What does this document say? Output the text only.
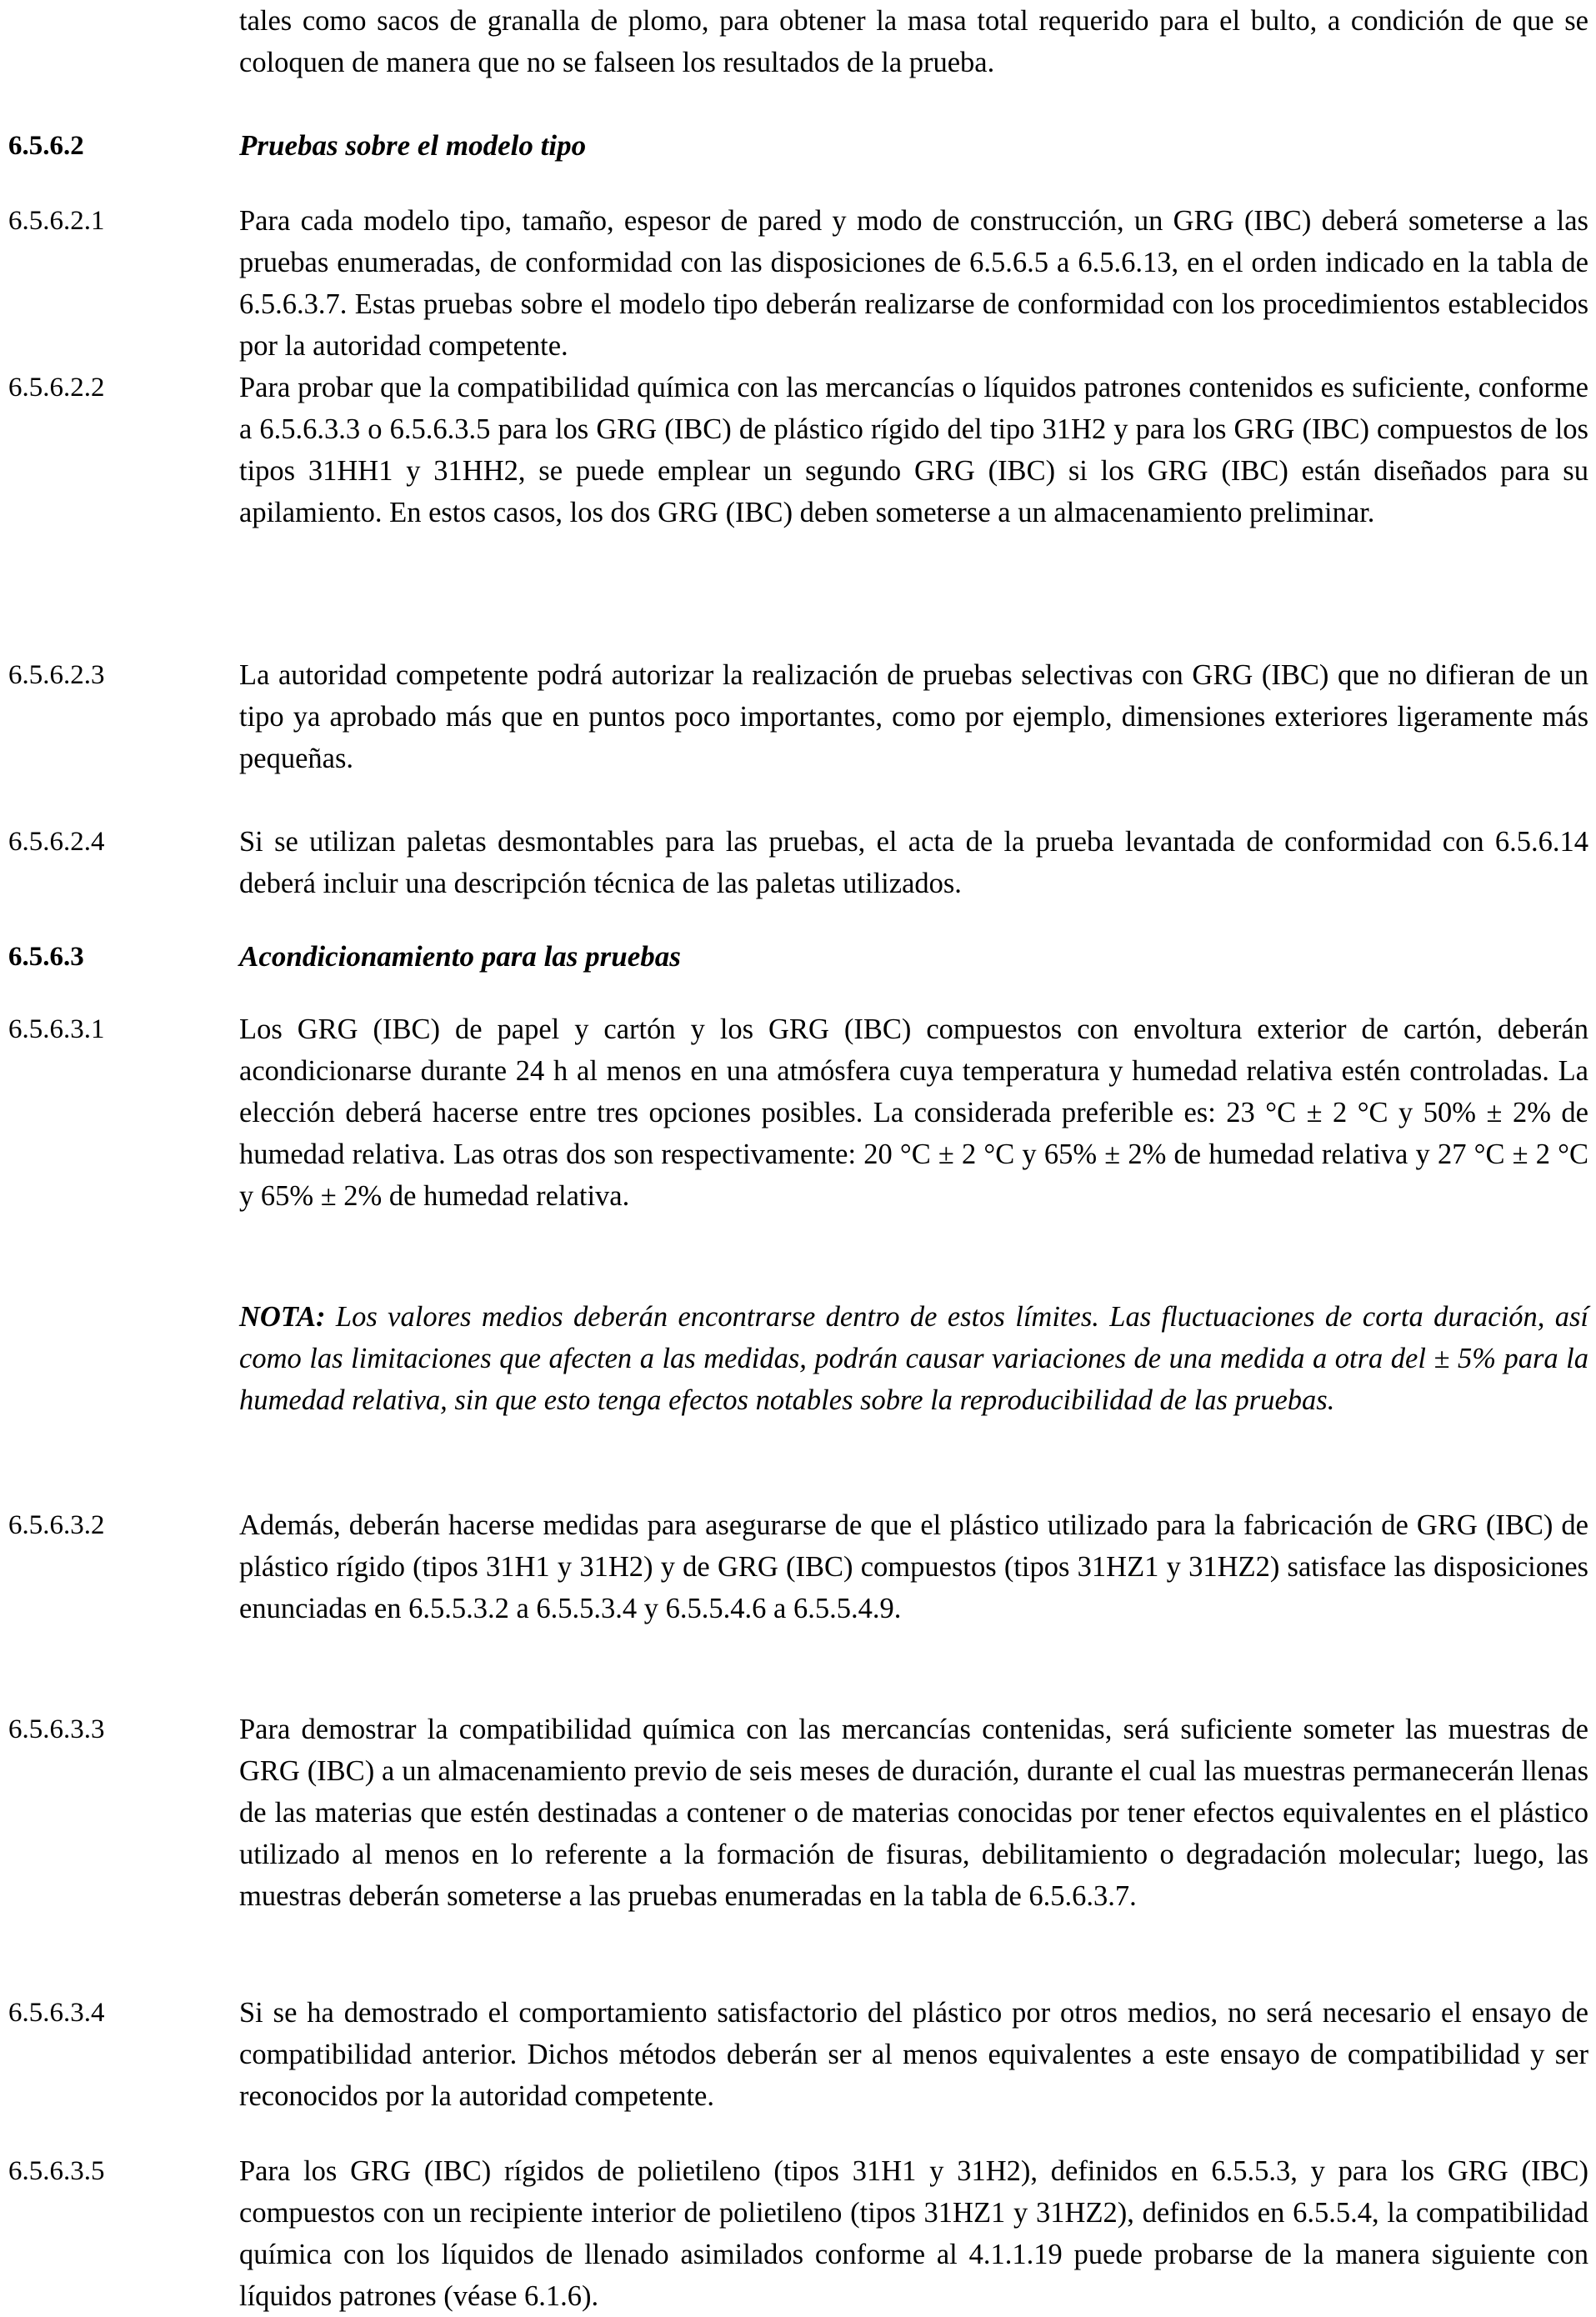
tales como sacos de granalla de plomo, para obtener la masa total requerido para el bulto, a condición de que se coloquen de manera que no se falseen los resultados de la prueba.

6.5.6.2	Pruebas sobre el modelo tipo
6.5.6.2.1	Para cada modelo tipo, tamaño, espesor de pared y modo de construcción, un GRG (IBC) deberá someterse a las pruebas enumeradas, de conformidad con las disposiciones de 6.5.6.5 a 6.5.6.13, en el orden indicado en la tabla de 6.5.6.3.7. Estas pruebas sobre el modelo tipo deberán realizarse de conformidad con los procedimientos establecidos por la autoridad competente.

6.5.6.2.2	Para probar que la compatibilidad química con las mercancías o líquidos patrones contenidos es suficiente, conforme a 6.5.6.3.3 o 6.5.6.3.5 para los GRG (IBC) de plástico rígido del tipo 31H2 y para los GRG (IBC) compuestos de los tipos 31HH1 y 31HH2, se puede emplear un segundo GRG (IBC) si los GRG (IBC) están diseñados para su apilamiento. En estos casos, los dos GRG (IBC) deben someterse a un almacenamiento preliminar.

6.5.6.2.3	La autoridad competente podrá autorizar la realización de pruebas selectivas con GRG (IBC) que no difieran de un tipo ya aprobado más que en puntos poco importantes, como por ejemplo, dimensiones exteriores ligeramente más pequeñas.

6.5.6.2.4	Si se utilizan paletas desmontables para las pruebas, el acta de la prueba levantada de conformidad con 6.5.6.14 deberá incluir una descripción técnica de las paletas utilizados.

6.5.6.3	Acondicionamiento para las pruebas
6.5.6.3.1	Los GRG (IBC) de papel y cartón y los GRG (IBC) compuestos con envoltura exterior de cartón, deberán acondicionarse durante 24 h al menos en una atmósfera cuya temperatura y humedad relativa estén controladas. La elección deberá hacerse entre tres opciones posibles. La considerada preferible es: 23 °C ± 2 °C y 50% ± 2% de humedad relativa. Las otras dos son respectivamente: 20 °C ± 2 °C y 65% ± 2% de humedad relativa y 27 °C ± 2 °C y 65% ± 2% de humedad relativa.

NOTA: Los valores medios deberán encontrarse dentro de estos límites. Las fluctuaciones de corta duración, así como las limitaciones que afecten a las medidas, podrán causar variaciones de una medida a otra del ± 5% para la humedad relativa, sin que esto tenga efectos notables sobre la reproducibilidad de las pruebas.

6.5.6.3.2	Además, deberán hacerse medidas para asegurarse de que el plástico utilizado para la fabricación de GRG (IBC) de plástico rígido (tipos 31H1 y 31H2) y de GRG (IBC) compuestos (tipos 31HZ1 y 31HZ2) satisface las disposiciones enunciadas en 6.5.5.3.2 a 6.5.5.3.4 y 6.5.5.4.6 a 6.5.5.4.9.

6.5.6.3.3	Para demostrar la compatibilidad química con las mercancías contenidas, será suficiente someter las muestras de GRG (IBC) a un almacenamiento previo de seis meses de duración, durante el cual las muestras permanecerán llenas de las materias que estén destinadas a contener o de materias conocidas por tener efectos equivalentes en el plástico utilizado al menos en lo referente a la formación de fisuras, debilitamiento o degradación molecular; luego, las muestras deberán someterse a las pruebas enumeradas en la tabla de 6.5.6.3.7.

6.5.6.3.4	Si se ha demostrado el comportamiento satisfactorio del plástico por otros medios, no será necesario el ensayo de compatibilidad anterior. Dichos métodos deberán ser al menos equivalentes a este ensayo de compatibilidad y ser reconocidos por la autoridad competente.

6.5.6.3.5	Para los GRG (IBC) rígidos de polietileno (tipos 31H1 y 31H2), definidos en 6.5.5.3, y para los GRG (IBC) compuestos con un recipiente interior de polietileno (tipos 31HZ1 y 31HZ2), definidos en 6.5.5.4, la compatibilidad química con los líquidos de llenado asimilados conforme al 4.1.1.19 puede probarse de la manera siguiente con líquidos patrones (véase 6.1.6).
